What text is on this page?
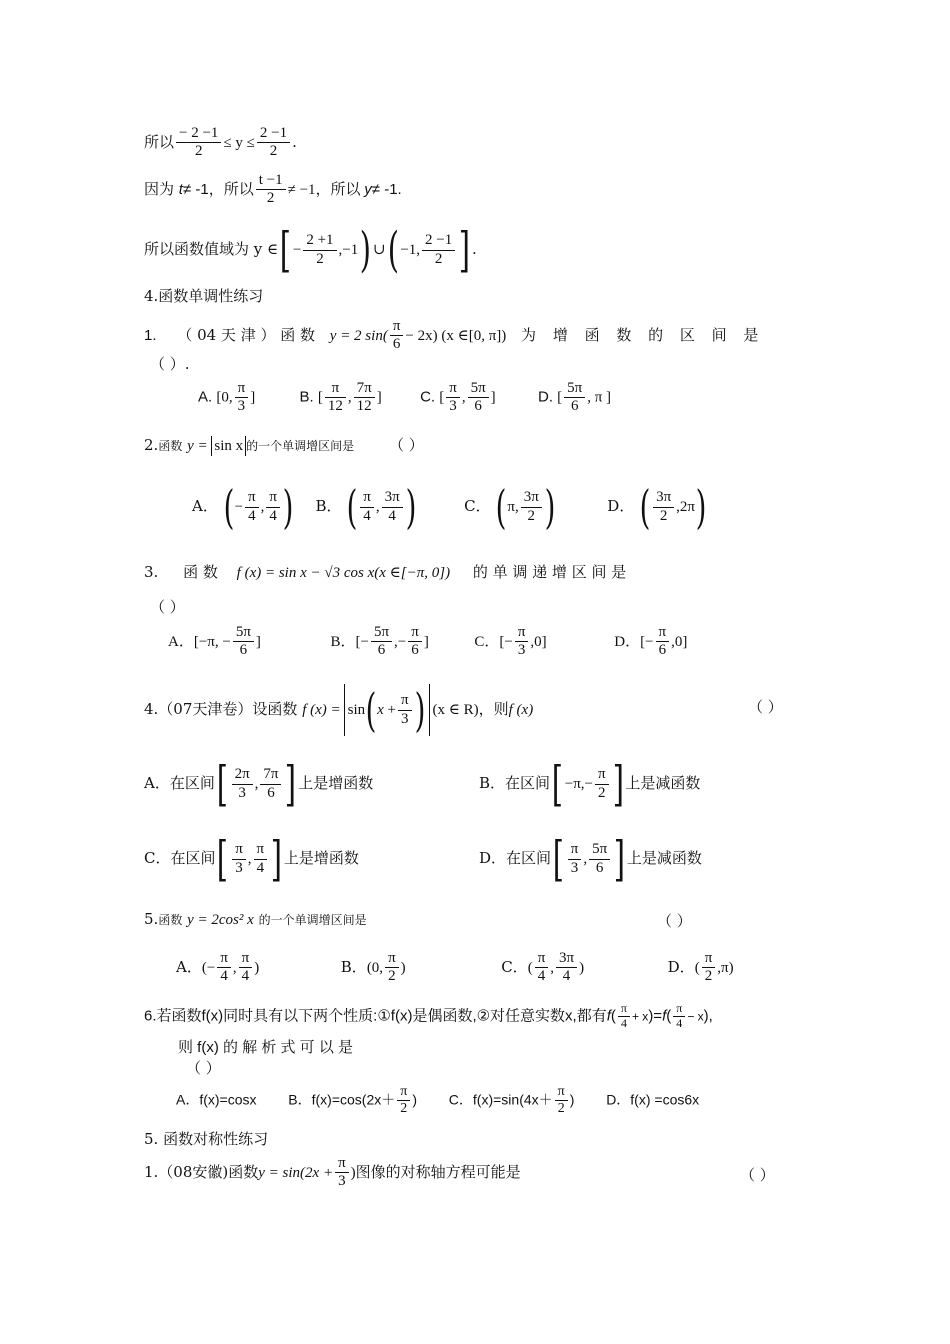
所以 $\frac{- 2 -1}{2} \le y \le \frac{2 -1}{2}$ .
因为 t≠ -1，所以 $\frac{t -1}{2} \ne -1$，所以 y≠ -1.
所以函数值域为 y ∈[ − $\frac{2 +1}{2} ,-1$) ∪( −1, $\frac{2 -1}{2}$ ] .
4.函数单调性练习
1. （ 04 天 津 ） 函 数 y = 2 $\sin( \frac{\pi}{6} - 2x)$ (x ∈[0, π]) 为 增 函 数 的 区 间 是
（ ）.
A. [0, $\frac{\pi}{3}$ ]	B. [ $\frac{\pi}{12}$ , $\frac{7\pi}{12}$ ]	C. [ $\frac{\pi}{3}$ , $\frac{5\pi}{6}$ ]	D. [ $\frac{5\pi}{6}$ , π ]
2.函数 y = sin x 的一个单调增区间是 （ ）
A． (− $\frac{\pi}{4}$ , $\frac{\pi}{4}$ ) B． ( $\frac{\pi}{4}$ , $\frac{3\pi}{4}$ )	C． (π, $\frac{3\pi}{2}$ )	D． ( $\frac{3\pi}{2} ,2\pi$)
3. 函 数 f (x) = sin x − √3 cos x(x ∈[−π, 0]) 的 单 调 递 增 区 间 是
（ ）
A．[−π, − $\frac{5\pi}{6}$ ]	B．[− $\frac{5\pi}{6}$ ,− $\frac{\pi}{6}$ ]	C．[− $\frac{\pi}{3} ,0$]	D．[− $\frac{\pi}{6} ,0$]
4.（07天津卷）设函数 f $(x) = \sin(x + \frac{\pi}{3}$ ) (x ∈ R)，则f (x)	（ ）
A．在区间[ $\frac{2\pi}{3}$ , $\frac{7\pi}{6}$ ] 上是增函数	B．在区间[ $-\pi,- \frac{\pi}{2}$ ] 上是减函数
C．在区间[ $\frac{\pi}{3}$ , $\frac{\pi}{4}$ ] 上是增函数	D．在区间[ $\frac{\pi}{3}$ , $\frac{5\pi}{6}$ ] 上是减函数
5.函数 y = 2cos² x 的一个单调增区间是	（ ）
A．(− $\frac{\pi}{4}$ , $\frac{\pi}{4}$ )	B．(0, $\frac{\pi}{2}$ )	C．( $\frac{\pi}{4}$ , $\frac{3\pi}{4}$ )	D．( $\frac{\pi}{2} ,\pi$)
6.若函数f(x)同时具有以下两个性质:①f(x)是偶函数,②对任意实数x,都有$f( \frac{\pi}{4} + x)=f( \frac{\pi}{4} - x)$,
则 f(x) 的 解 析 式 可 以 是
（ ）
A．f(x)=cosx B．$f(x)=\cos(2x+ \frac{\pi}{2}$ ) C．$f(x)=\sin(4x+ \frac{\pi}{2}$ ) D．f(x) =cos6x
5. 函数对称性练习
1.（08安徽)函数$y = \sin(2x + \frac{\pi}{3}$ )图像的对称轴方程可能是	（ ）
